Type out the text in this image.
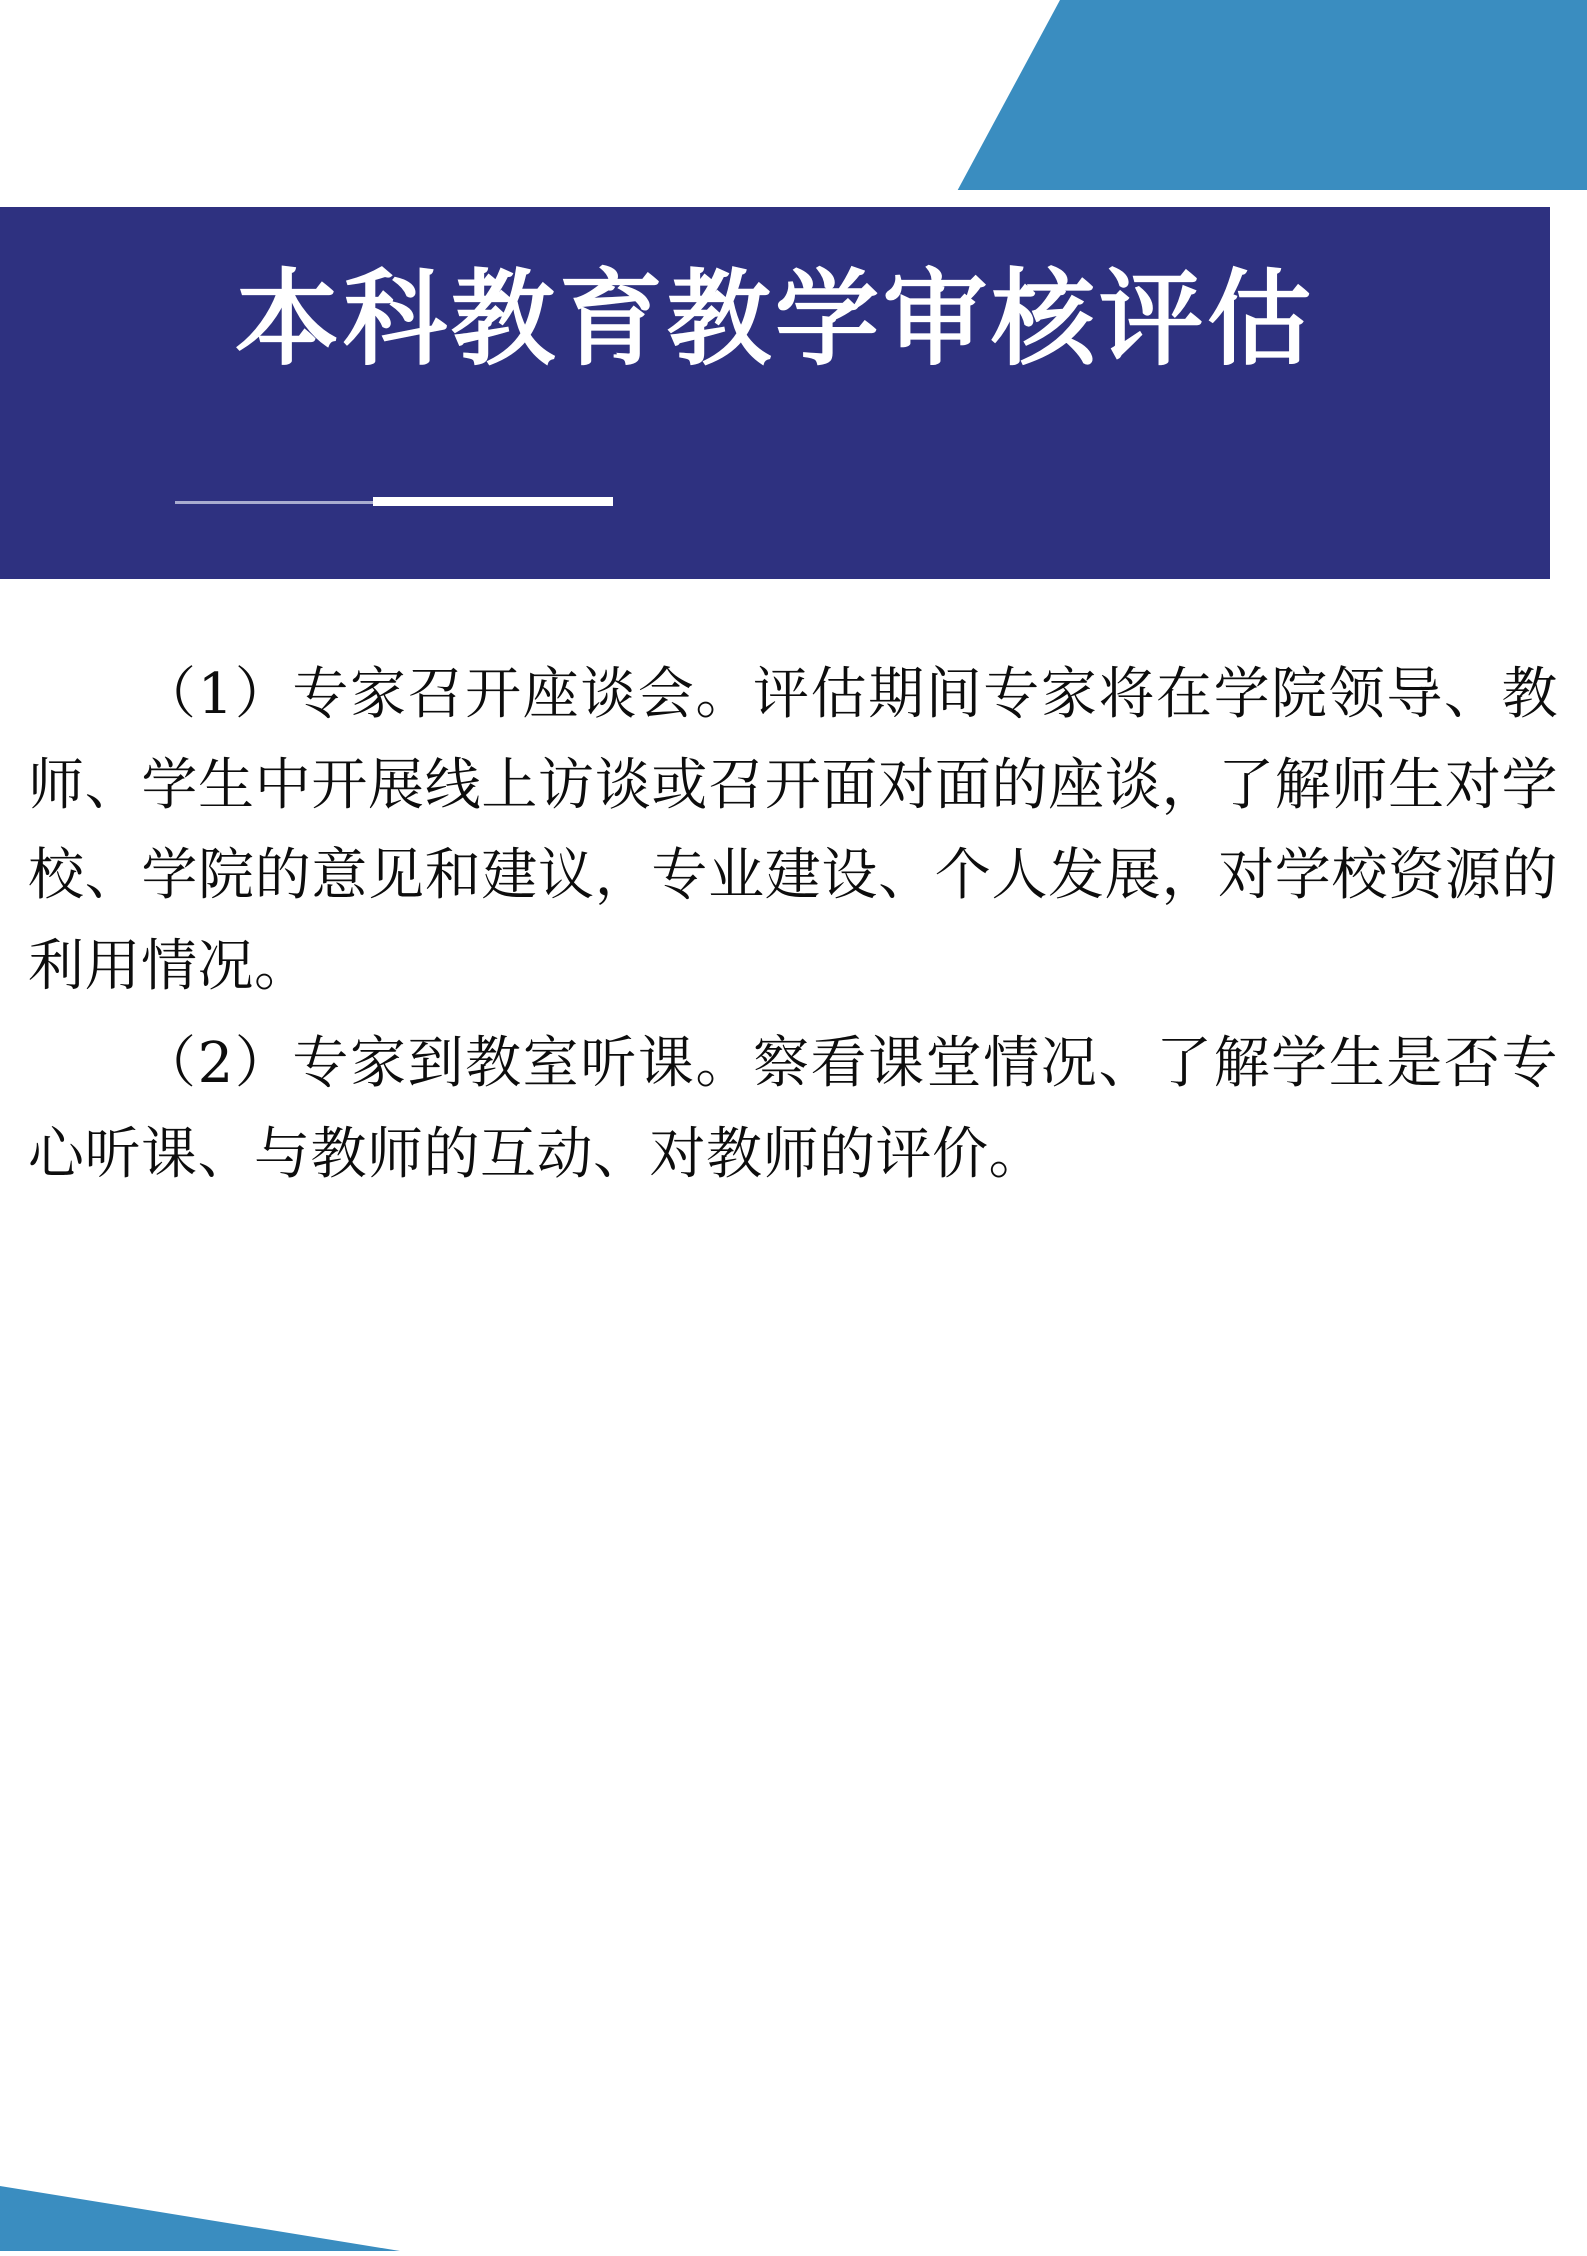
本科教育教学审核评估

（1）专家召开座谈会。评估期间专家将在学院领导、教师、学生中开展线上访谈或召开面对面的座谈，了解师生对学校、学院的意见和建议，专业建设、个人发展，对学校资源的利用情况。

（2）专家到教室听课。察看课堂情况、了解学生是否专心听课、与教师的互动、对教师的评价。
